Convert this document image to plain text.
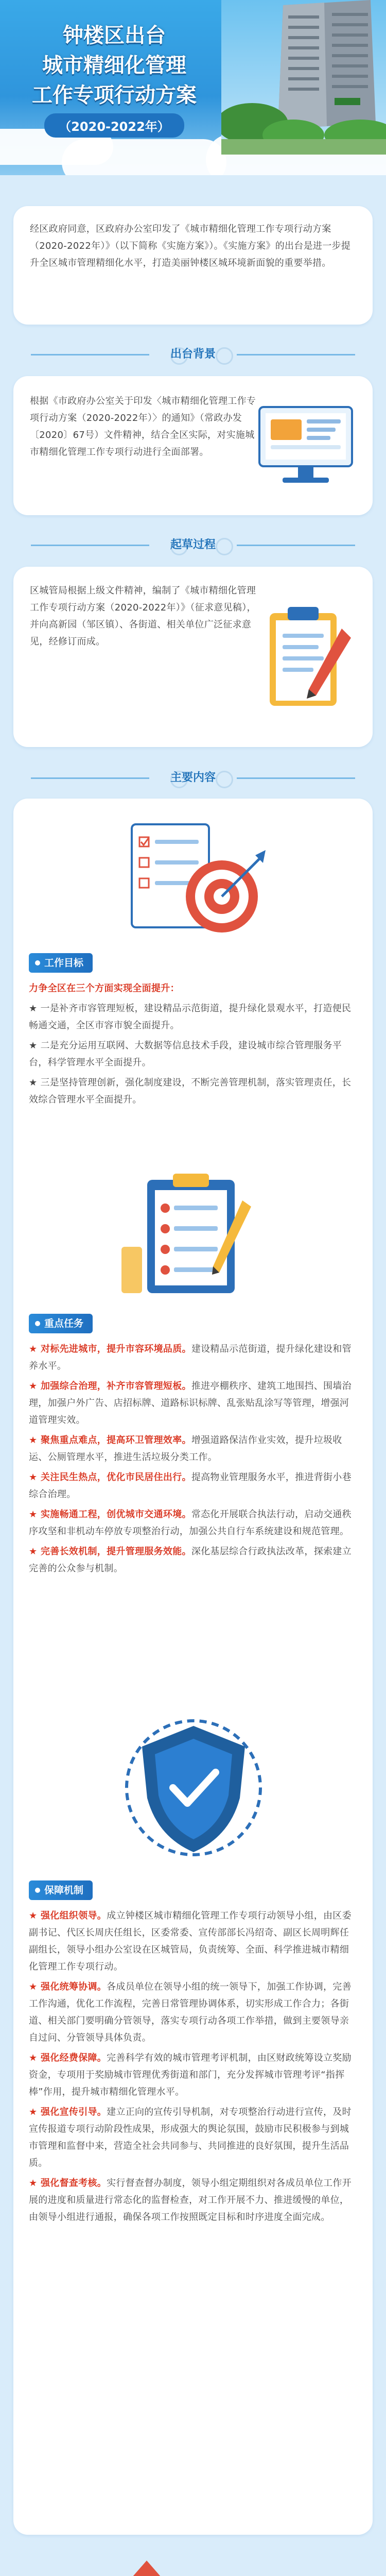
钟楼区出台
城市精细化管理
工作专项行动方案
（2020-2022年）

经区政府同意，区政府办公室印发了《城市精细化管理工作专项行动方案（2020-2022年）》（以下简称《实施方案》）。《实施方案》的出台是进一步提升全区城市管理精细化水平，打造美丽钟楼区城环境新面貌的重要举措。

出台背景

根据《市政府办公室关于印发〈城市精细化管理工作专项行动方案（2020-2022年）〉的通知》（常政办发〔2020〕67号）文件精神，结合全区实际，对实施城市精细化管理工作专项行动进行全面部署。

起草过程

区城管局根据上级文件精神，编制了《城市精细化管理工作专项行动方案（2020-2022年）》（征求意见稿），并向高新园（邹区镇）、各街道、相关单位广泛征求意见，经修订而成。

主要内容
工作目标

力争全区在三个方面实现全面提升：

★ 一是补齐市容管理短板，建设精品示范街道，提升绿化景观水平，打造便民畅通交通，全区市容市貌全面提升。

★ 二是充分运用互联网、大数据等信息技术手段，建设城市综合管理服务平台，科学管理水平全面提升。

★ 三是坚持管理创新，强化制度建设，不断完善管理机制，落实管理责任，长效综合管理水平全面提升。

重点任务

★ 对标先进城市，提升市容环境品质。建设精品示范街道，提升绿化建设和管养水平。

★ 加强综合治理，补齐市容管理短板。推进亭棚秩序、建筑工地围挡、围墙治理，加强户外广告、店招标牌、道路标识标牌、乱张贴乱涂写等管理，增强河道管理实效。

★ 聚焦重点难点，提高环卫管理效率。增强道路保洁作业实效，提升垃圾收运、公厕管理水平，推进生活垃圾分类工作。

★ 关注民生热点，优化市民居住出行。提高物业管理服务水平，推进背街小巷综合治理。

★ 实施畅通工程，创优城市交通环境。常态化开展联合执法行动，启动交通秩序攻坚和非机动车停放专项整治行动，加强公共自行车系统建设和规范管理。

★ 完善长效机制，提升管理服务效能。深化基层综合行政执法改革，探索建立完善的公众参与机制。

保障机制

★ 强化组织领导。成立钟楼区城市精细化管理工作专项行动领导小组，由区委副书记、代区长周庆任组长，区委常委、宣传部部长冯绍奇、副区长周明辉任副组长，领导小组办公室设在区城管局，负责统筹、全面、科学推进城市精细化管理工作专项行动。

★ 强化统筹协调。各成员单位在领导小组的统一领导下，加强工作协调，完善工作沟通，优化工作流程，完善日常管理协调体系，切实形成工作合力；各街道、相关部门要明确分管领导，落实专项行动各项工作举措，做到主要领导亲自过问、分管领导具体负责。

★ 强化经费保障。完善科学有效的城市管理考评机制，由区财政统筹设立奖励资金，专项用于奖励城市管理优秀街道和部门，充分发挥城市管理考评“指挥棒”作用，提升城市精细化管理水平。

★ 强化宣传引导。建立正向的宣传引导机制，对专项整治行动进行宣传，及时宣传报道专项行动阶段性成果，形成强大的舆论氛围，鼓励市民积极参与到城市管理和监督中来，营造全社会共同参与、共同推进的良好氛围，提升生活品质。

★ 强化督查考核。实行督查督办制度，领导小组定期组织对各成员单位工作开展的进度和质量进行常态化的监督检查，对工作开展不力、推进缓慢的单位，由领导小组进行通报，确保各项工作按照既定目标和时序进度全面完成。
